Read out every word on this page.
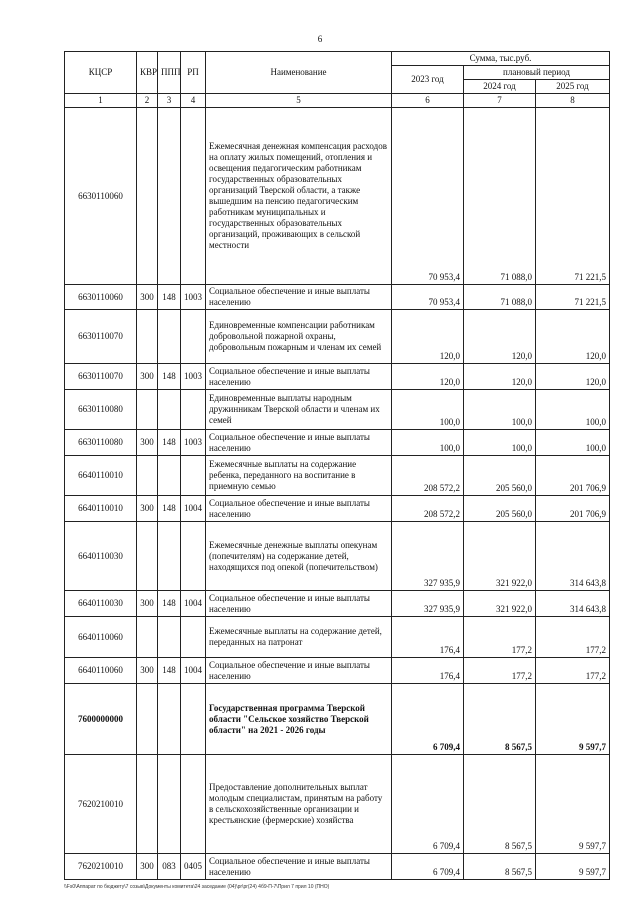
6
КЦСР	КВР	ППП	РП	Наименование	Сумма, тыс.руб.		
					2023 год	плановый период	
						2024 год	2025 год
1	2	3	4	5	6	7	8
6630110060				Ежемесячная денежная компенсация расходов на оплату жилых помещений, отопления и освещения педагогическим работникам государственных образовательных организаций Тверской области, а также вышедшим на пенсию педагогическим работникам муниципальных и государственных образовательных организаций, проживающих в сельской местности	70 953,4	71 088,0	71 221,5
6630110060	300	148	1003	Социальное обеспечение и иные выплаты населению	70 953,4	71 088,0	71 221,5
6630110070				Единовременные компенсации работникам добровольной пожарной охраны, добровольным пожарным и членам их семей	120,0	120,0	120,0
6630110070	300	148	1003	Социальное обеспечение и иные выплаты населению	120,0	120,0	120,0
6630110080				Единовременные выплаты народным дружинникам Тверской области и членам их семей	100,0	100,0	100,0
6630110080	300	148	1003	Социальное обеспечение и иные выплаты населению	100,0	100,0	100,0
6640110010				Ежемесячные выплаты на содержание ребенка, переданного на воспитание в приемную семью	208 572,2	205 560,0	201 706,9
6640110010	300	148	1004	Социальное обеспечение и иные выплаты населению	208 572,2	205 560,0	201 706,9
6640110030				Ежемесячные денежные выплаты опекунам (попечителям) на содержание детей, находящихся под опекой (попечительством)	327 935,9	321 922,0	314 643,8
6640110030	300	148	1004	Социальное обеспечение и иные выплаты населению	327 935,9	321 922,0	314 643,8
6640110060				Ежемесячные выплаты на содержание детей, переданных на патронат	176,4	177,2	177,2
6640110060	300	148	1004	Социальное обеспечение и иные выплаты населению	176,4	177,2	177,2
7600000000				Государственная программа Тверской области "Сельское хозяйство Тверской области" на 2021 - 2026 годы	6 709,4	8 567,5	9 597,7
7620210010				Предоставление дополнительных выплат молодым специалистам, принятым на работу в сельскохозяйственные организации и крестьянские (фермерские) хозяйства	6 709,4	8 567,5	9 597,7
7620210010	300	083	0405	Социальное обеспечение и иные выплаты населению	6 709,4	8 567,5	9 597,7
\\Fs0\Аппарат по бюджету\7 созыв\Документы комитета\24 заседание (04)\pr\pr(24) 4б9-П-7\Прил 7 прил 10 (ПНО)
